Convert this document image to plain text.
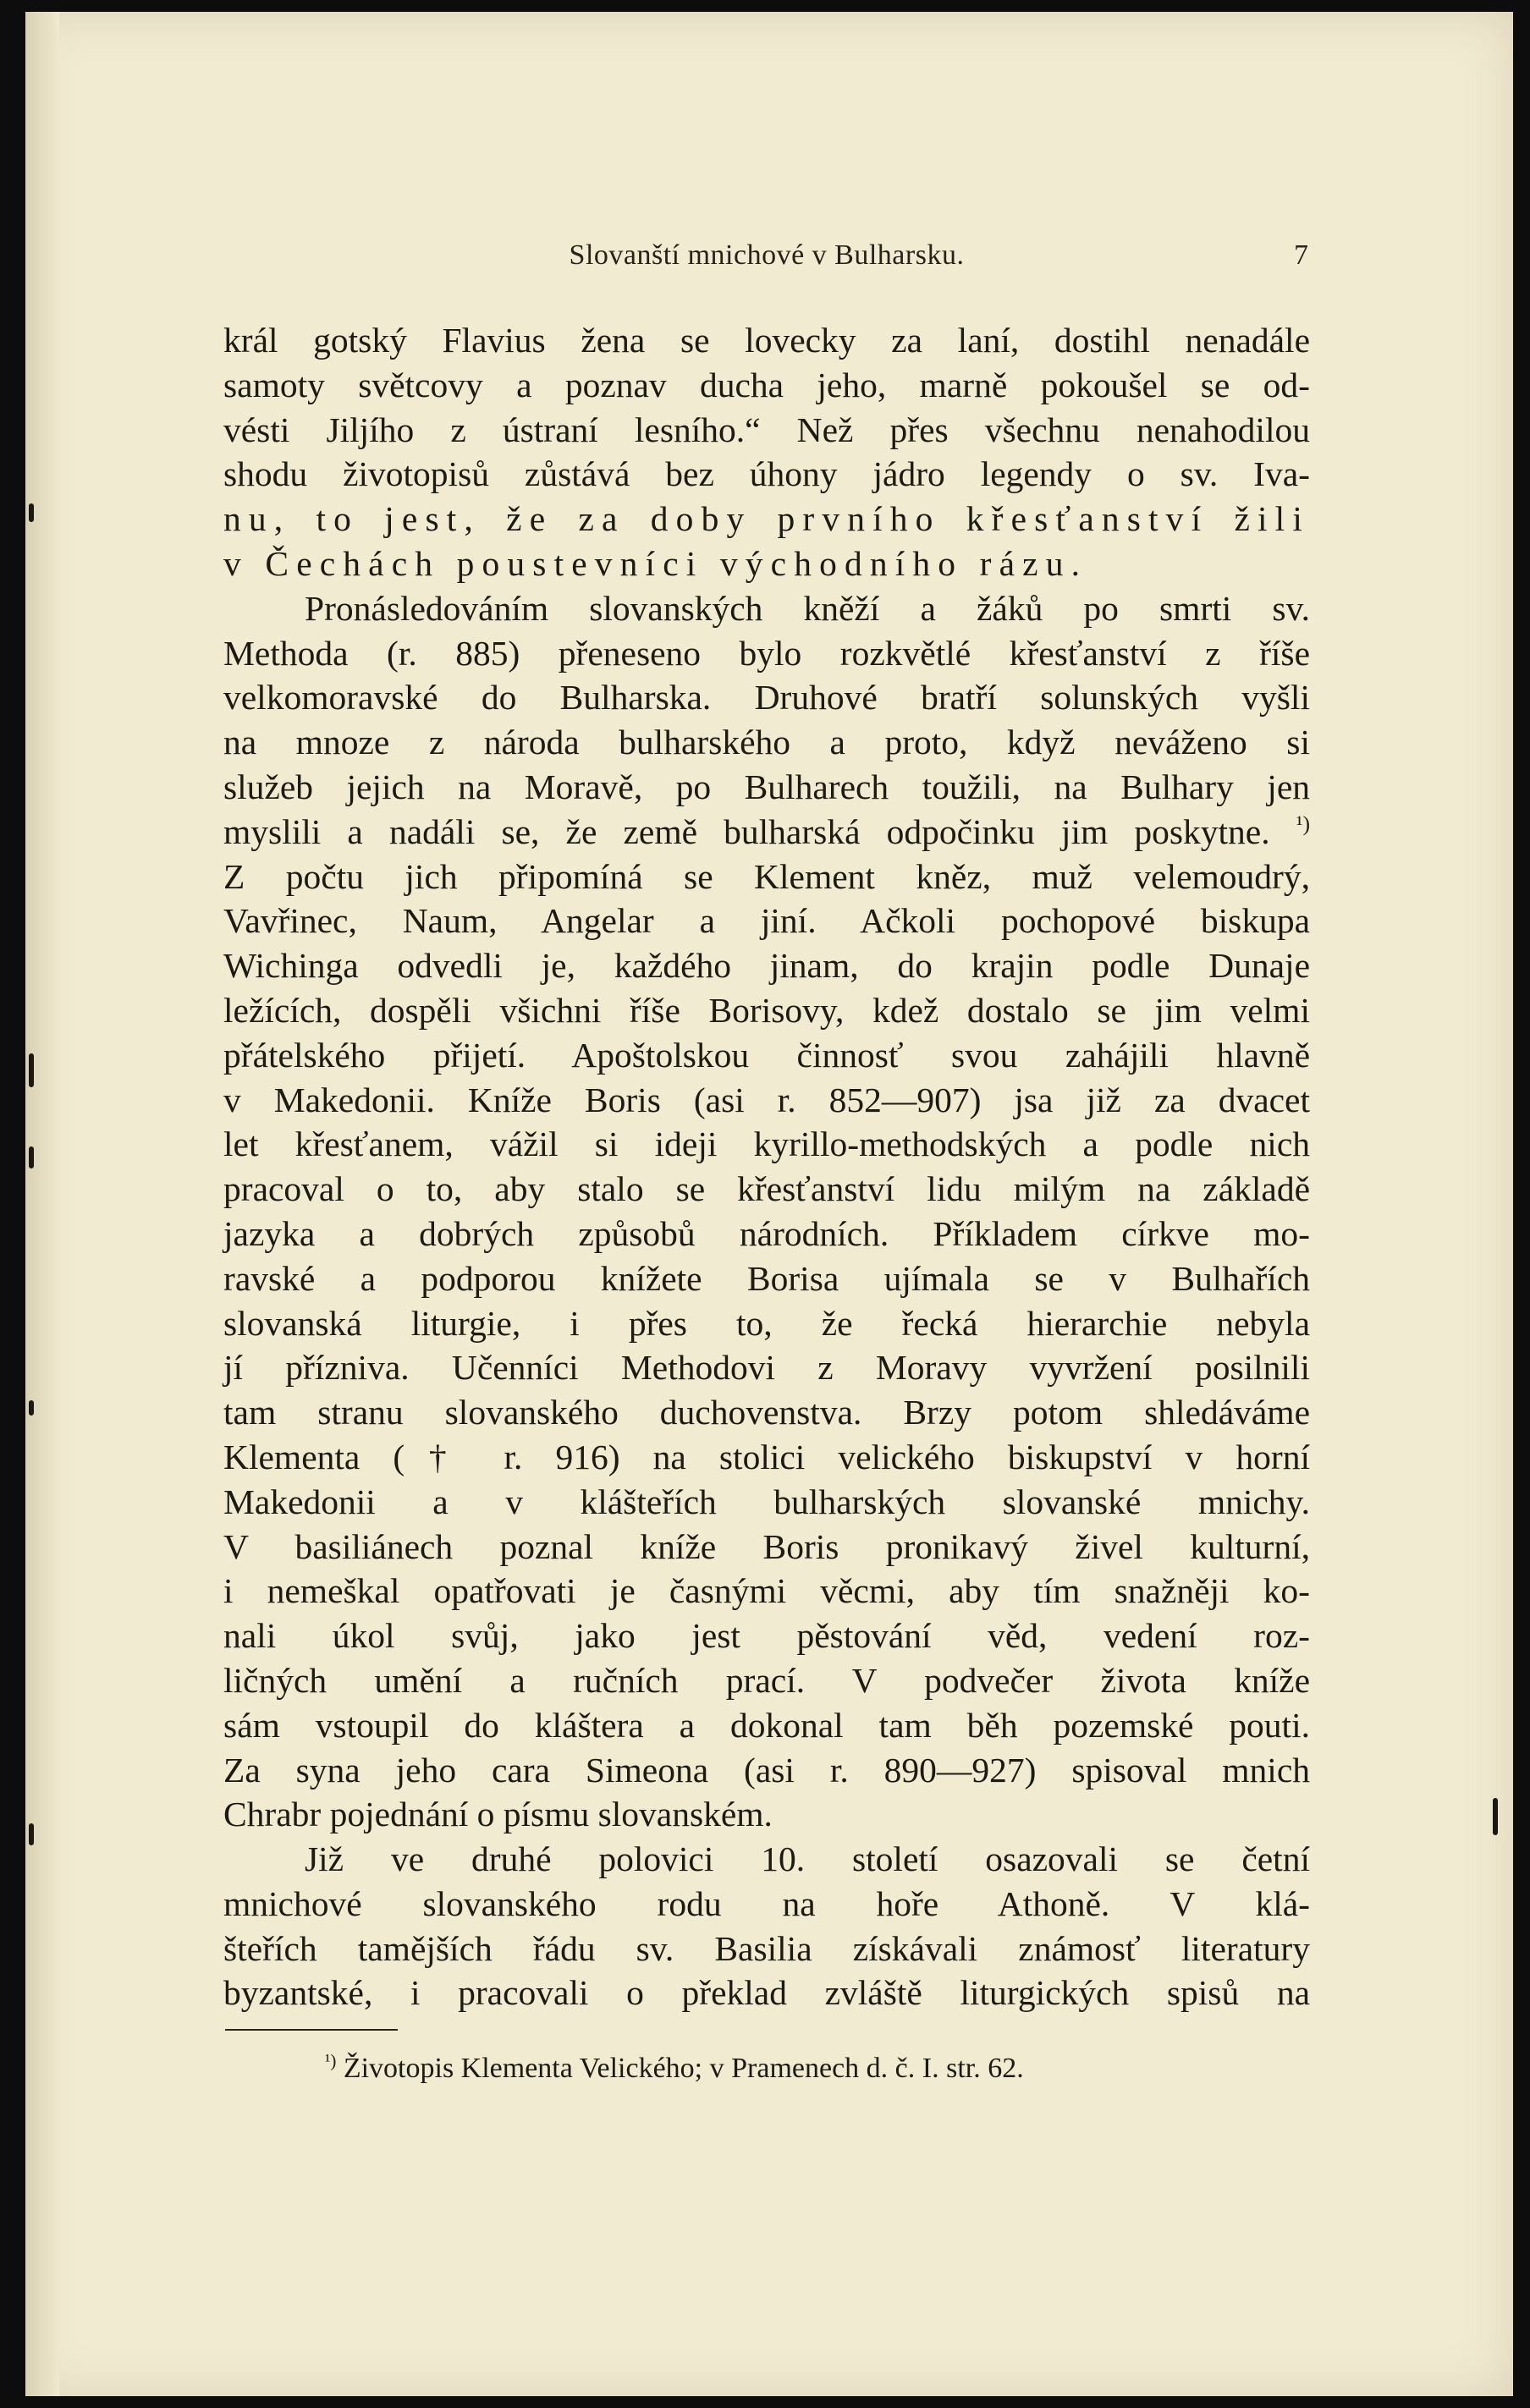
Slovanští mnichové v Bulharsku.	7
král gotský Flavius žena se lovecky za laní, dostihl nenadále
samoty světcovy a poznav ducha jeho, marně pokoušel se od-
vésti Jiljího z ústraní lesního.“ Než přes všechnu nenahodilou
shodu životopisů zůstává bez úhony jádro legendy o sv. Iva-
nu, to jest, že za doby prvního křesťanství žili
v Čechách poustevníci východního rázu.
Pronásledováním slovanských kněží a žáků po smrti sv.
Methoda (r. 885) přeneseno bylo rozkvětlé křesťanství z říše
velkomoravské do Bulharska. Druhové bratří solunských vyšli
na mnoze z národa bulharského a proto, když neváženo si
služeb jejich na Moravě, po Bulharech toužili, na Bulhary jen
myslili a nadáli se, že země bulharská odpočinku jim poskytne. $^{^1)}$
Z počtu jich připomíná se Klement kněz, muž velemoudrý,
Vavřinec, Naum, Angelar a jiní. Ačkoli pochopové biskupa
Wichinga odvedli je, každého jinam, do krajin podle Dunaje
ležících, dospěli všichni říše Borisovy, kdež dostalo se jim velmi
přátelského přijetí. Apoštolskou činnosť svou zahájili hlavně
v Makedonii. Kníže Boris (asi r. 852—907) jsa již za dvacet
let křesťanem, vážil si ideji kyrillo-methodských a podle nich
pracoval o to, aby stalo se křesťanství lidu milým na základě
jazyka a dobrých způsobů národních. Příkladem církve mo-
ravské a podporou knížete Borisa ujímala se v Bulhařích
slovanská liturgie, i přes to, že řecká hierarchie nebyla
jí příznivа. Učenníci Methodovi z Moravy vyvržení posilnili
tam stranu slovanského duchovenstva. Brzy potom shledáváme
Klementa († r. 916) na stolici velického biskupství v horní
Makedonii a v klášteřích bulharských slovanské mnichy.
V basiliánech poznal kníže Boris pronikavý živel kulturní,
i nemeškal opatřovati je časnými věcmi, aby tím snažněji ko-
nali úkol svůj, jako jest pěstování věd, vedení roz-
ličných umění a ručních prací. V podvečer života kníže
sám vstoupil do kláštera a dokonal tam běh pozemské pouti.
Za syna jeho cara Simeona (asi r. 890—927) spisoval mnich
Chrabr pojednání o písmu slovanském.
Již ve druhé polovici 10. století osazovali se četní
mnichové slovanského rodu na hoře Athoně. V klá-
šteřích tamějších řádu sv. Basilia získávali známosť literatury
byzantské, i pracovali o překlad zvláště liturgických spisů na
$^{^1)}$ Životopis Klementa Velického; v Pramenech d. č. I. str. 62.
